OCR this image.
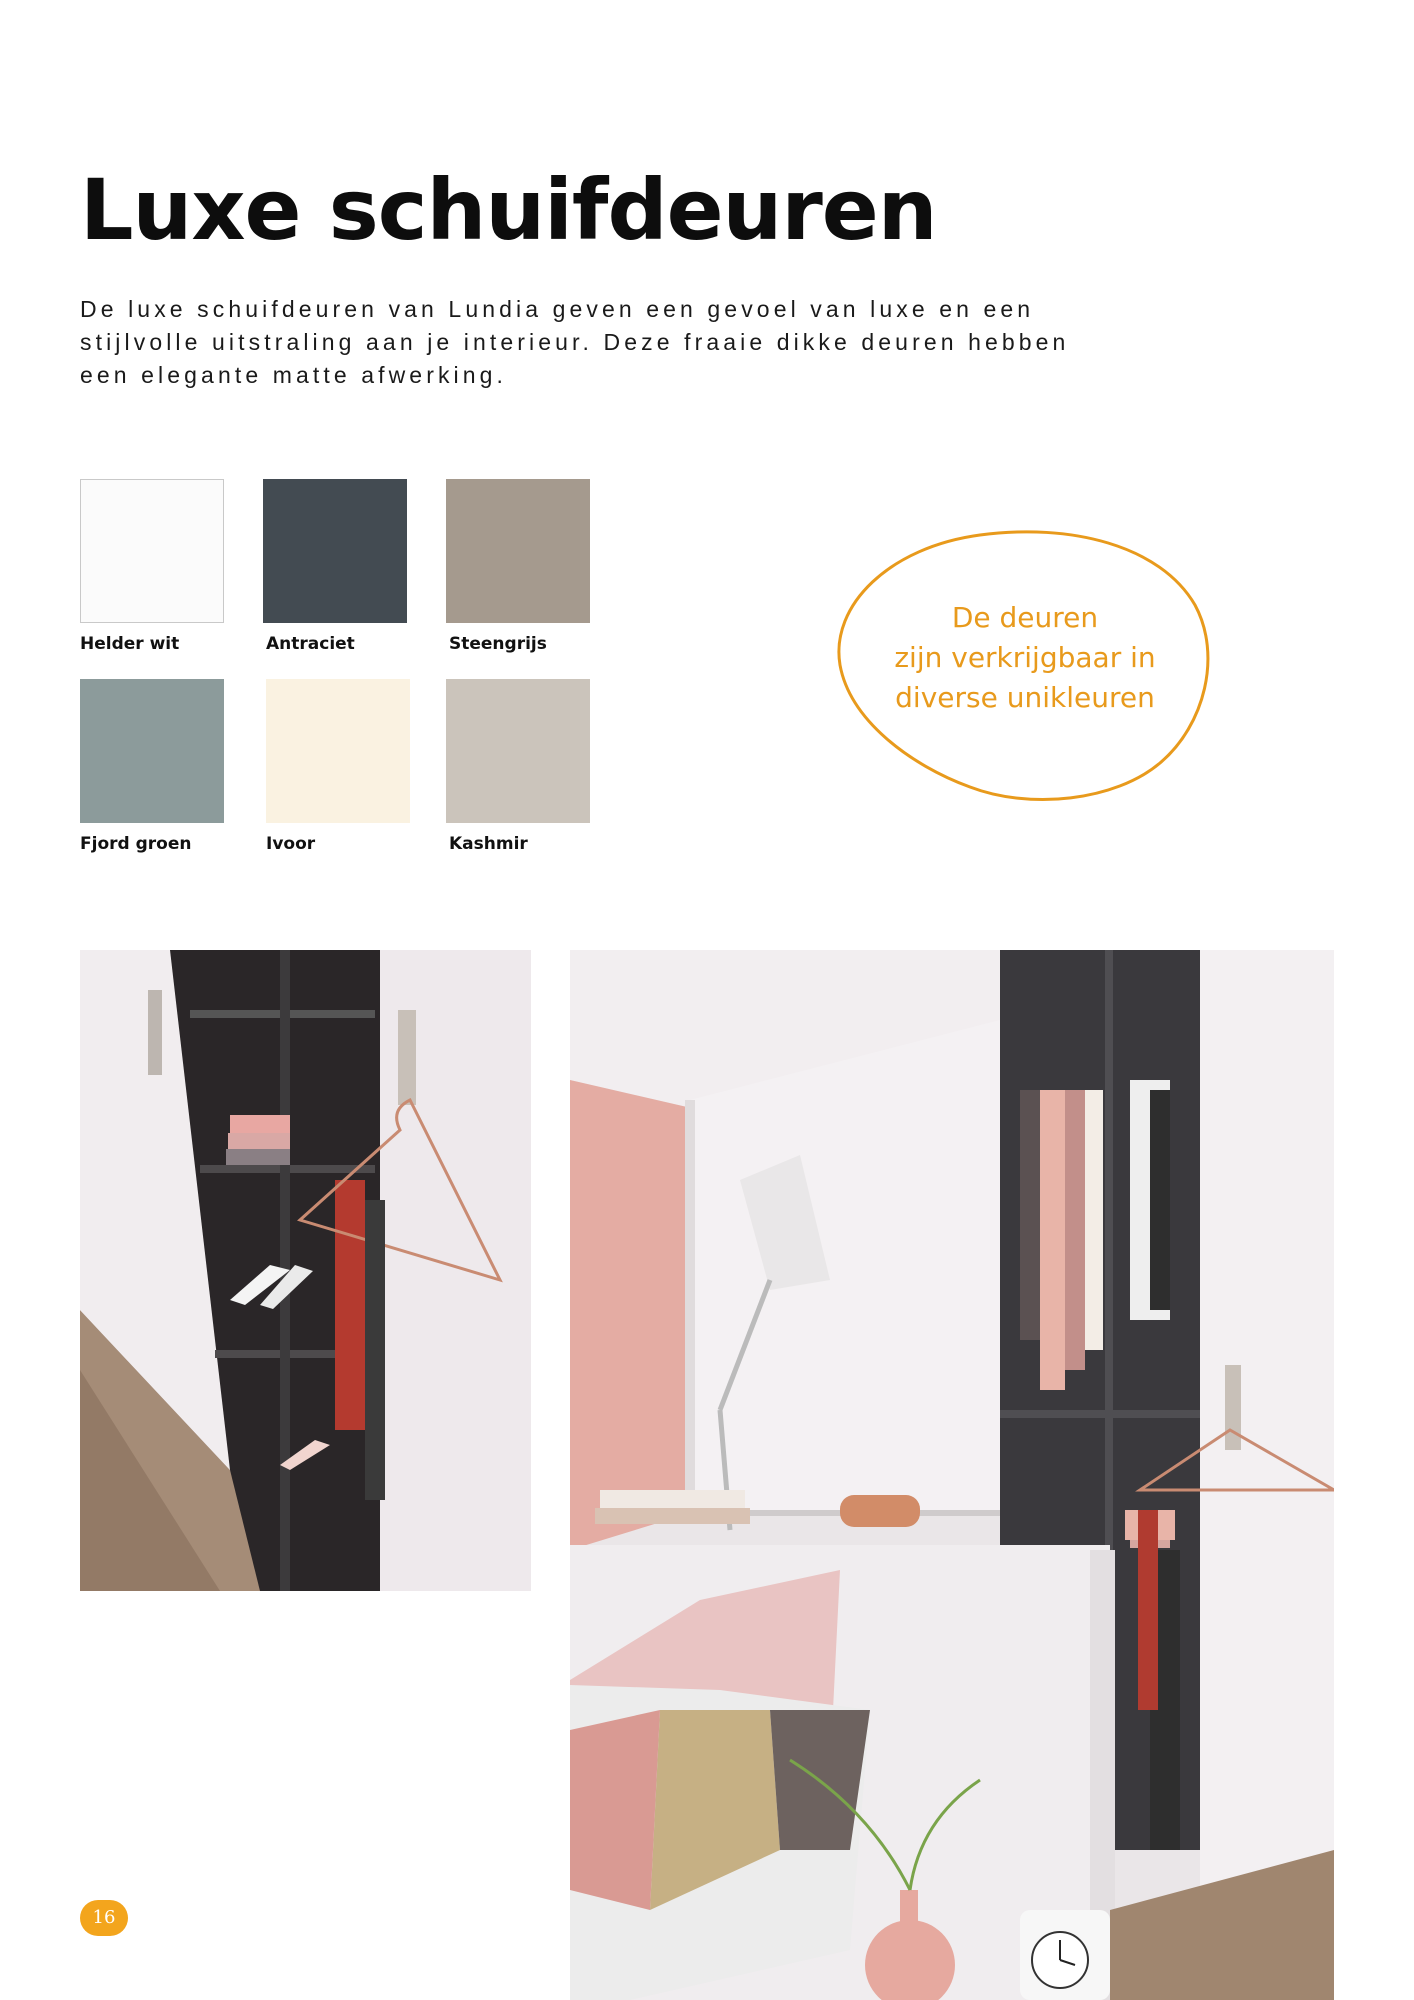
Luxe schuifdeuren

De luxe schuifdeuren van Lundia geven een gevoel van luxe en een stijlvolle uitstraling aan je interieur. Deze fraaie dikke deuren hebben een elegante matte afwerking.

Helder wit	Antraciet	Steengrijs
Fjord groen	Ivoor	Kashmir
De deuren
zijn verkrijgbaar in
diverse unikleuren
16
